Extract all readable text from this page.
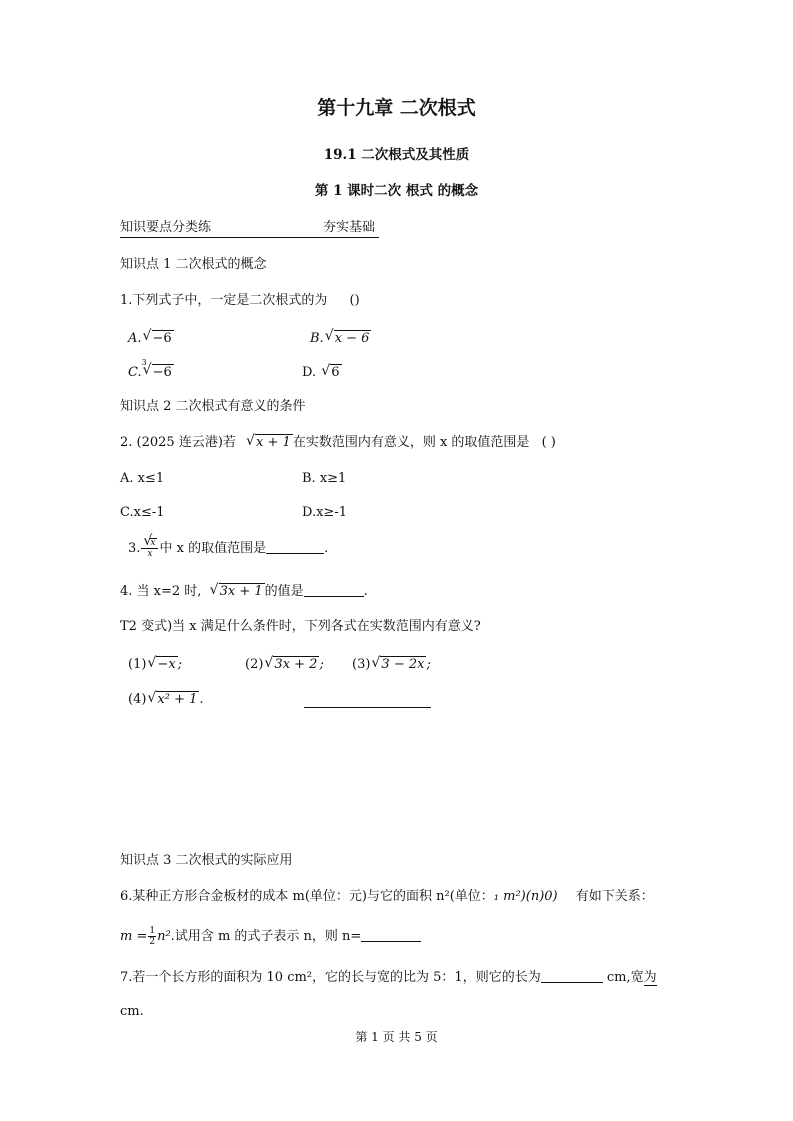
第十九章 二次根式
19.1 二次根式及其性质
第 1 课时二次 根式 的概念
知识要点分类练	夯实基础
知识点 1 二次根式的概念
1.下列式子中，一定是二次根式的为 ()
A. √ −6	B. √ x − 6
C.
√ 3
−6	D. √ 6
知识点 2 二次根式有意义的条件
2. (2025 连云港)若 √ x + 1 在实数范围内有意义，则 x 的取值范围是 ( )
A. x≤1	B. x≥1
C.x≤-1	D.x≥-1
3. √ $\frac{x}{x}$ 中 x 的取值范围是	.
4. 当 x=2 时, √ 3x + 1 的值是	.
T2 变式)当 x 满足什么条件时，下列各式在实数范围内有意义?
(1) √ −x ;	(2) √ 3x + 2 ; (3) √ 3 − 2x ;
(4) √ x² + 1 .
知识点 3 二次根式的实际应用
6.某种正方形合金板材的成本 m(单位：元)与它的面积 n²(单位：₁ m²)(n)0) 有如下关系：
$m = \frac{1}{2} n^2$.试用含 m 的式子表示 n，则 n=
7.若一个长方形的面积为 10 cm²，它的长与宽的比为 5：1，则它的长为	cm,宽为
cm.
第 1 页 共 5 页
